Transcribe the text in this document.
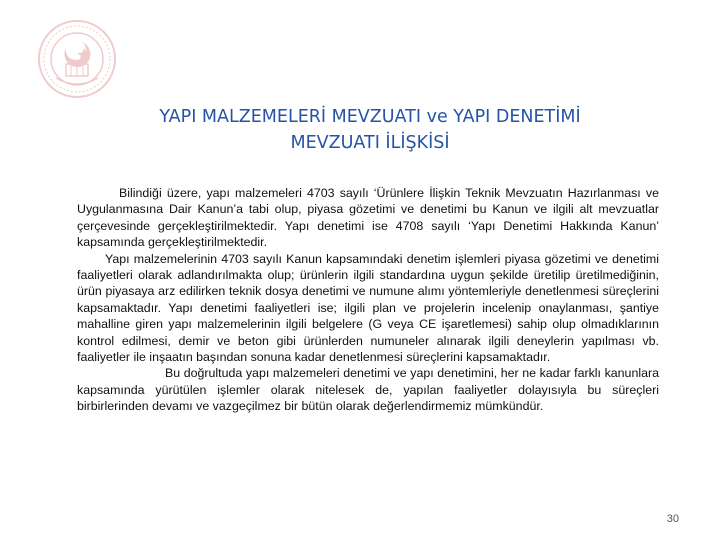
YAPI MALZEMELERİ MEVZUATI ve YAPI DENETİMİ
MEVZUATI İLİŞKİSİ

Bilindiği üzere, yapı malzemeleri 4703 sayılı ‘Ürünlere İlişkin Teknik Mevzuatın Hazırlanması ve Uygulanmasına Dair Kanun’a tabi olup, piyasa gözetimi ve denetimi bu Kanun ve ilgili alt mevzuatlar çerçevesinde gerçekleştirilmektedir. Yapı denetimi ise 4708 sayılı ‘Yapı Denetimi Hakkında Kanun’ kapsamında gerçekleştirilmektedir.

Yapı malzemelerinin 4703 sayılı Kanun kapsamındaki denetim işlemleri piyasa gözetimi ve denetimi faaliyetleri olarak adlandırılmakta olup; ürünlerin ilgili standardına uygun şekilde üretilip üretilmediğinin, ürün piyasaya arz edilirken teknik dosya denetimi ve numune alımı yöntemleriyle denetlenmesi süreçlerini kapsamaktadır. Yapı denetimi faaliyetleri ise; ilgili plan ve projelerin incelenip onaylanması, şantiye mahalline giren yapı malzemelerinin ilgili belgelere (G veya CE işaretlemesi) sahip olup olmadıklarının kontrol edilmesi, demir ve beton gibi ürünlerden numuneler alınarak ilgili deneylerin yapılması vb. faaliyetler ile inşaatın başından sonuna kadar denetlenmesi süreçlerini kapsamaktadır.

Bu doğrultuda yapı malzemeleri denetimi ve yapı denetimini, her ne kadar farklı kanunlara kapsamında yürütülen işlemler olarak nitelesek de, yapılan faaliyetler dolayısıyla bu süreçleri birbirlerinden devamı ve vazgeçilmez bir bütün olarak değerlendirmemiz mümkündür.

30
